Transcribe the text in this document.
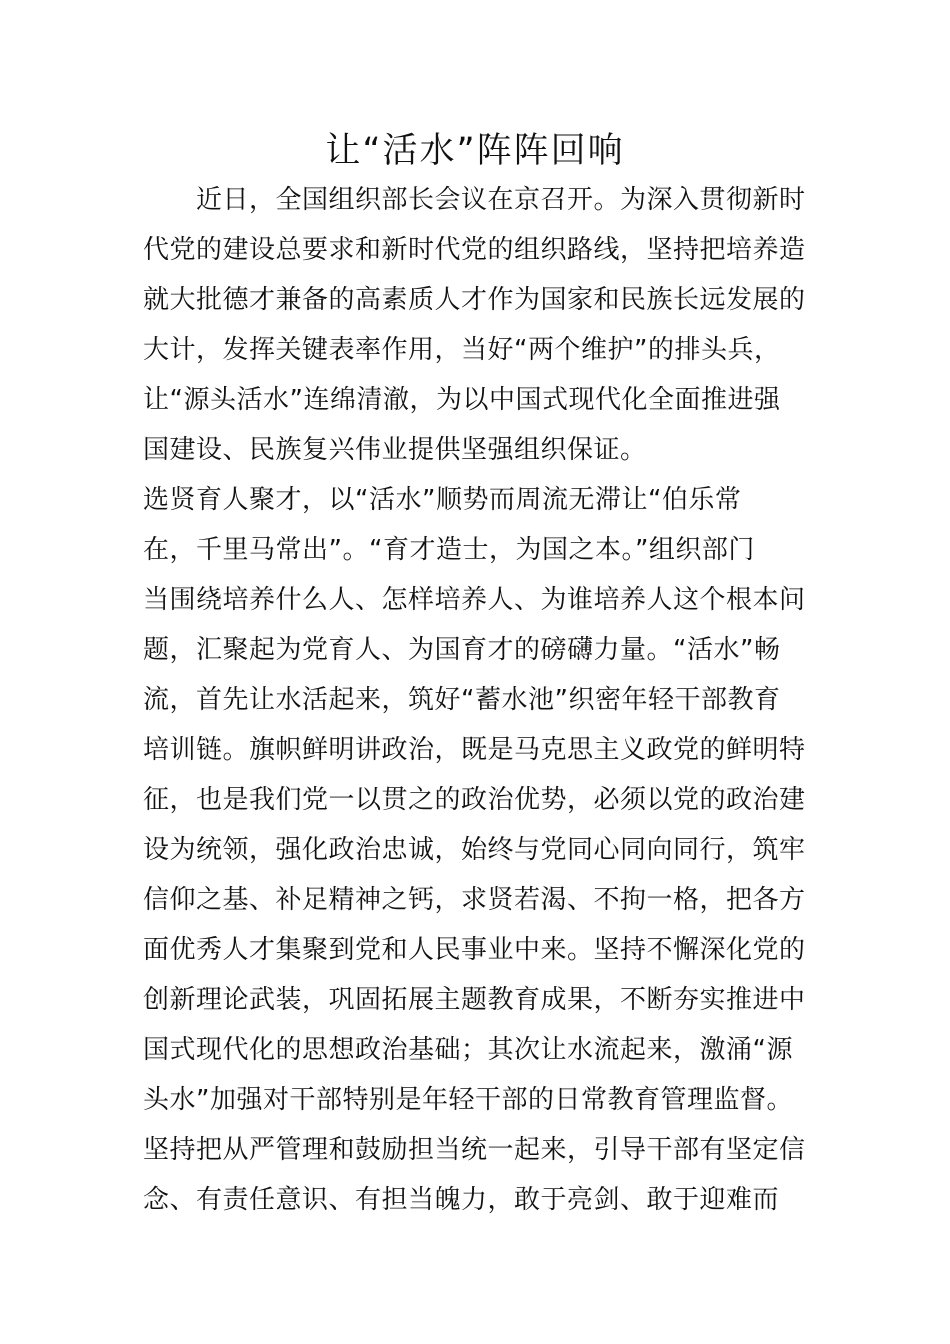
让“活水”阵阵回响
　　近日，全国组织部长会议在京召开。为深入贯彻新时
代党的建设总要求和新时代党的组织路线，坚持把培养造
就大批德才兼备的高素质人才作为国家和民族长远发展的
大计，发挥关键表率作用，当好“两个维护”的排头兵，
让“源头活水”连绵清澈，为以中国式现代化全面推进强
国建设、民族复兴伟业提供坚强组织保证。
选贤育人聚才，以“活水”顺势而周流无滞让“伯乐常
在，千里马常出”。“育才造士，为国之本。”组织部门
当围绕培养什么人、怎样培养人、为谁培养人这个根本问
题，汇聚起为党育人、为国育才的磅礴力量。“活水”畅
流，首先让水活起来，筑好“蓄水池”织密年轻干部教育
培训链。旗帜鲜明讲政治，既是马克思主义政党的鲜明特
征，也是我们党一以贯之的政治优势，必须以党的政治建
设为统领，强化政治忠诚，始终与党同心同向同行，筑牢
信仰之基、补足精神之钙，求贤若渴、不拘一格，把各方
面优秀人才集聚到党和人民事业中来。坚持不懈深化党的
创新理论武装，巩固拓展主题教育成果，不断夯实推进中
国式现代化的思想政治基础；其次让水流起来，激涌“源
头水”加强对干部特别是年轻干部的日常教育管理监督。
坚持把从严管理和鼓励担当统一起来，引导干部有坚定信
念、有责任意识、有担当魄力，敢于亮剑、敢于迎难而
